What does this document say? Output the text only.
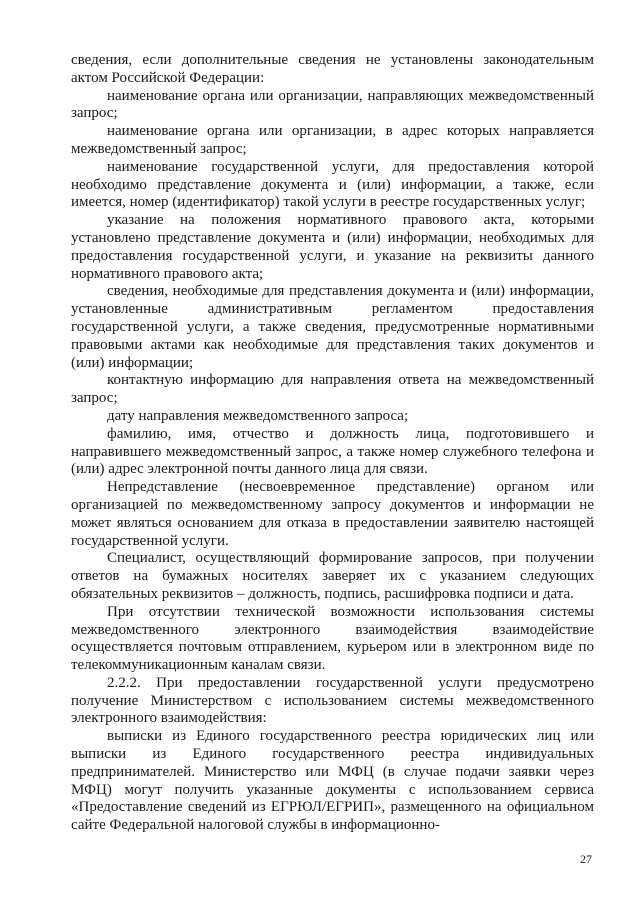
сведения, если дополнительные сведения не установлены законодательным актом Российской Федерации:

наименование органа или организации, направляющих межведомственный запрос;

наименование органа или организации, в адрес которых направляется межведомственный запрос;

наименование государственной услуги, для предоставления которой необходимо представление документа и (или) информации, а также, если имеется, номер (идентификатор) такой услуги в реестре государственных услуг;

указание на положения нормативного правового акта, которыми установлено представление документа и (или) информации, необходимых для предоставления государственной услуги, и указание на реквизиты данного нормативного правового акта;

сведения, необходимые для представления документа и (или) информации, установленные административным регламентом предоставления государственной услуги, а также сведения, предусмотренные нормативными правовыми актами как необходимые для представления таких документов и (или) информации;

контактную информацию для направления ответа на межведомственный запрос;

дату направления межведомственного запроса;

фамилию, имя, отчество и должность лица, подготовившего и направившего межведомственный запрос, а также номер служебного телефона и (или) адрес электронной почты данного лица для связи.

Непредставление (несвоевременное представление) органом или организацией по межведомственному запросу документов и информации не может являться основанием для отказа в предоставлении заявителю настоящей государственной услуги.

Специалист, осуществляющий формирование запросов, при получении ответов на бумажных носителях заверяет их с указанием следующих обязательных реквизитов – должность, подпись, расшифровка подписи и дата.

При отсутствии технической возможности использования системы межведомственного электронного взаимодействия взаимодействие осуществляется почтовым отправлением, курьером или в электронном виде по телекоммуникационным каналам связи.

2.2.2. При предоставлении государственной услуги предусмотрено получение Министерством с использованием системы межведомственного электронного взаимодействия:

выписки из Единого государственного реестра юридических лиц или выписки из Единого государственного реестра индивидуальных предпринимателей. Министерство или МФЦ (в случае подачи заявки через МФЦ) могут получить указанные документы с использованием сервиса «Предоставление сведений из ЕГРЮЛ/ЕГРИП», размещенного на официальном сайте Федеральной налоговой службы в информационно-

27
